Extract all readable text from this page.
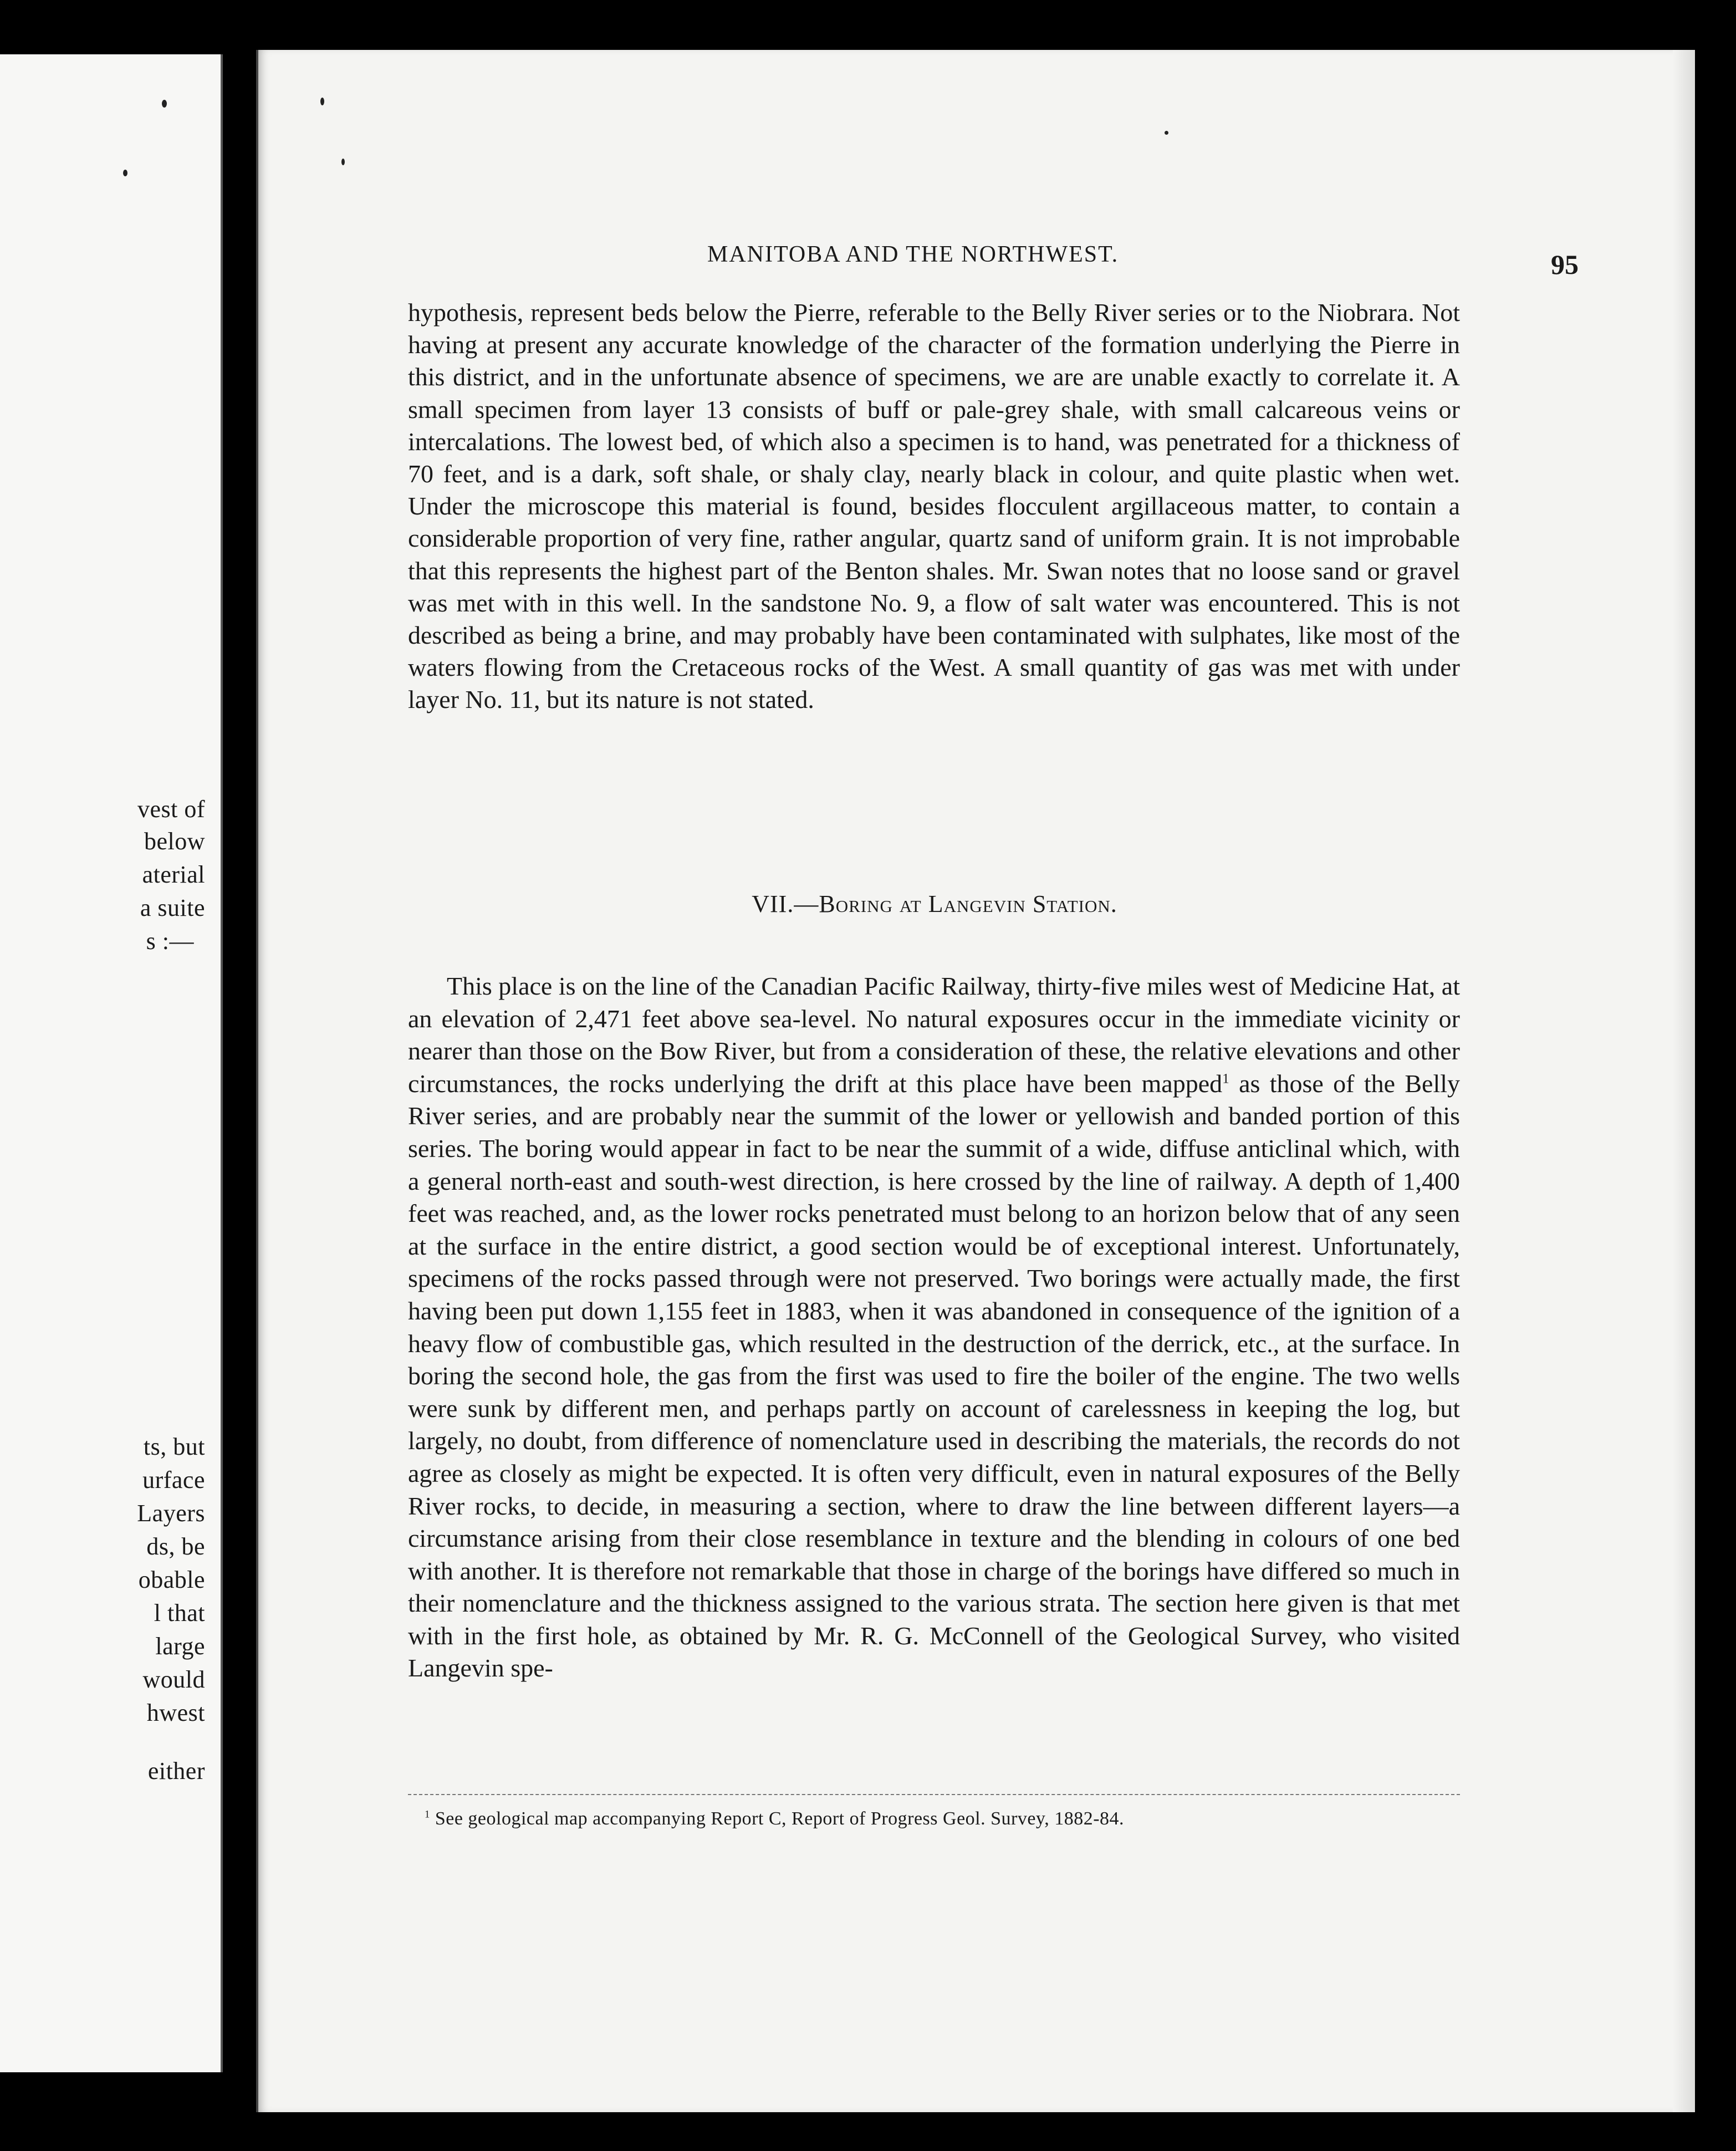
vest of
below
aterial
a suite
s :—
ts, but
urface
Layers
ds, be
obable
l that
large
would
hwest
either
MANITOBA AND THE NORTHWEST.	95

hypothesis, represent beds below the Pierre, referable to the Belly River series or to the Niobrara. Not having at present any accurate knowledge of the character of the formation underlying the Pierre in this district, and in the unfortunate absence of specimens, we are are unable exactly to correlate it. A small specimen from layer 13 consists of buff or pale-grey shale, with small calcareous veins or intercalations. The lowest bed, of which also a specimen is to hand, was penetrated for a thickness of 70 feet, and is a dark, soft shale, or shaly clay, nearly black in colour, and quite plastic when wet. Under the microscope this material is found, besides flocculent argillaceous matter, to contain a considerable proportion of very fine, rather angular, quartz sand of uniform grain. It is not improbable that this represents the highest part of the Benton shales. Mr. Swan notes that no loose sand or gravel was met with in this well. In the sandstone No. 9, a flow of salt water was encountered. This is not described as being a brine, and may probably have been contaminated with sulphates, like most of the waters flowing from the Cretaceous rocks of the West. A small quantity of gas was met with under layer No. 11, but its nature is not stated.

VII.—Boring at Langevin Station.

This place is on the line of the Canadian Pacific Railway, thirty-five miles west of Medicine Hat, at an elevation of 2,471 feet above sea-level. No natural exposures occur in the immediate vicinity or nearer than those on the Bow River, but from a consideration of these, the relative elevations and other circumstances, the rocks underlying the drift at this place have been mapped$^1$ as those of the Belly River series, and are probably near the summit of the lower or yellowish and banded portion of this series. The boring would appear in fact to be near the summit of a wide, diffuse anticlinal which, with a general north-east and south-west direction, is here crossed by the line of railway. A depth of 1,400 feet was reached, and, as the lower rocks penetrated must belong to an horizon below that of any seen at the surface in the entire district, a good section would be of exceptional interest. Unfortunately, specimens of the rocks passed through were not preserved. Two borings were actually made, the first having been put down 1,155 feet in 1883, when it was abandoned in consequence of the ignition of a heavy flow of combustible gas, which resulted in the destruction of the derrick, etc., at the surface. In boring the second hole, the gas from the first was used to fire the boiler of the engine. The two wells were sunk by different men, and perhaps partly on account of carelessness in keeping the log, but largely, no doubt, from difference of nomenclature used in describing the materials, the records do not agree as closely as might be expected. It is often very difficult, even in natural exposures of the Belly River rocks, to decide, in measuring a section, where to draw the line between different layers—a circumstance arising from their close resemblance in texture and the blending in colours of one bed with another. It is therefore not remarkable that those in charge of the borings have differed so much in their nomenclature and the thickness assigned to the various strata. The section here given is that met with in the first hole, as obtained by Mr. R. G. McConnell of the Geological Survey, who visited Langevin spe-

$^1$ See geological map accompanying Report C, Report of Progress Geol. Survey, 1882-84.
